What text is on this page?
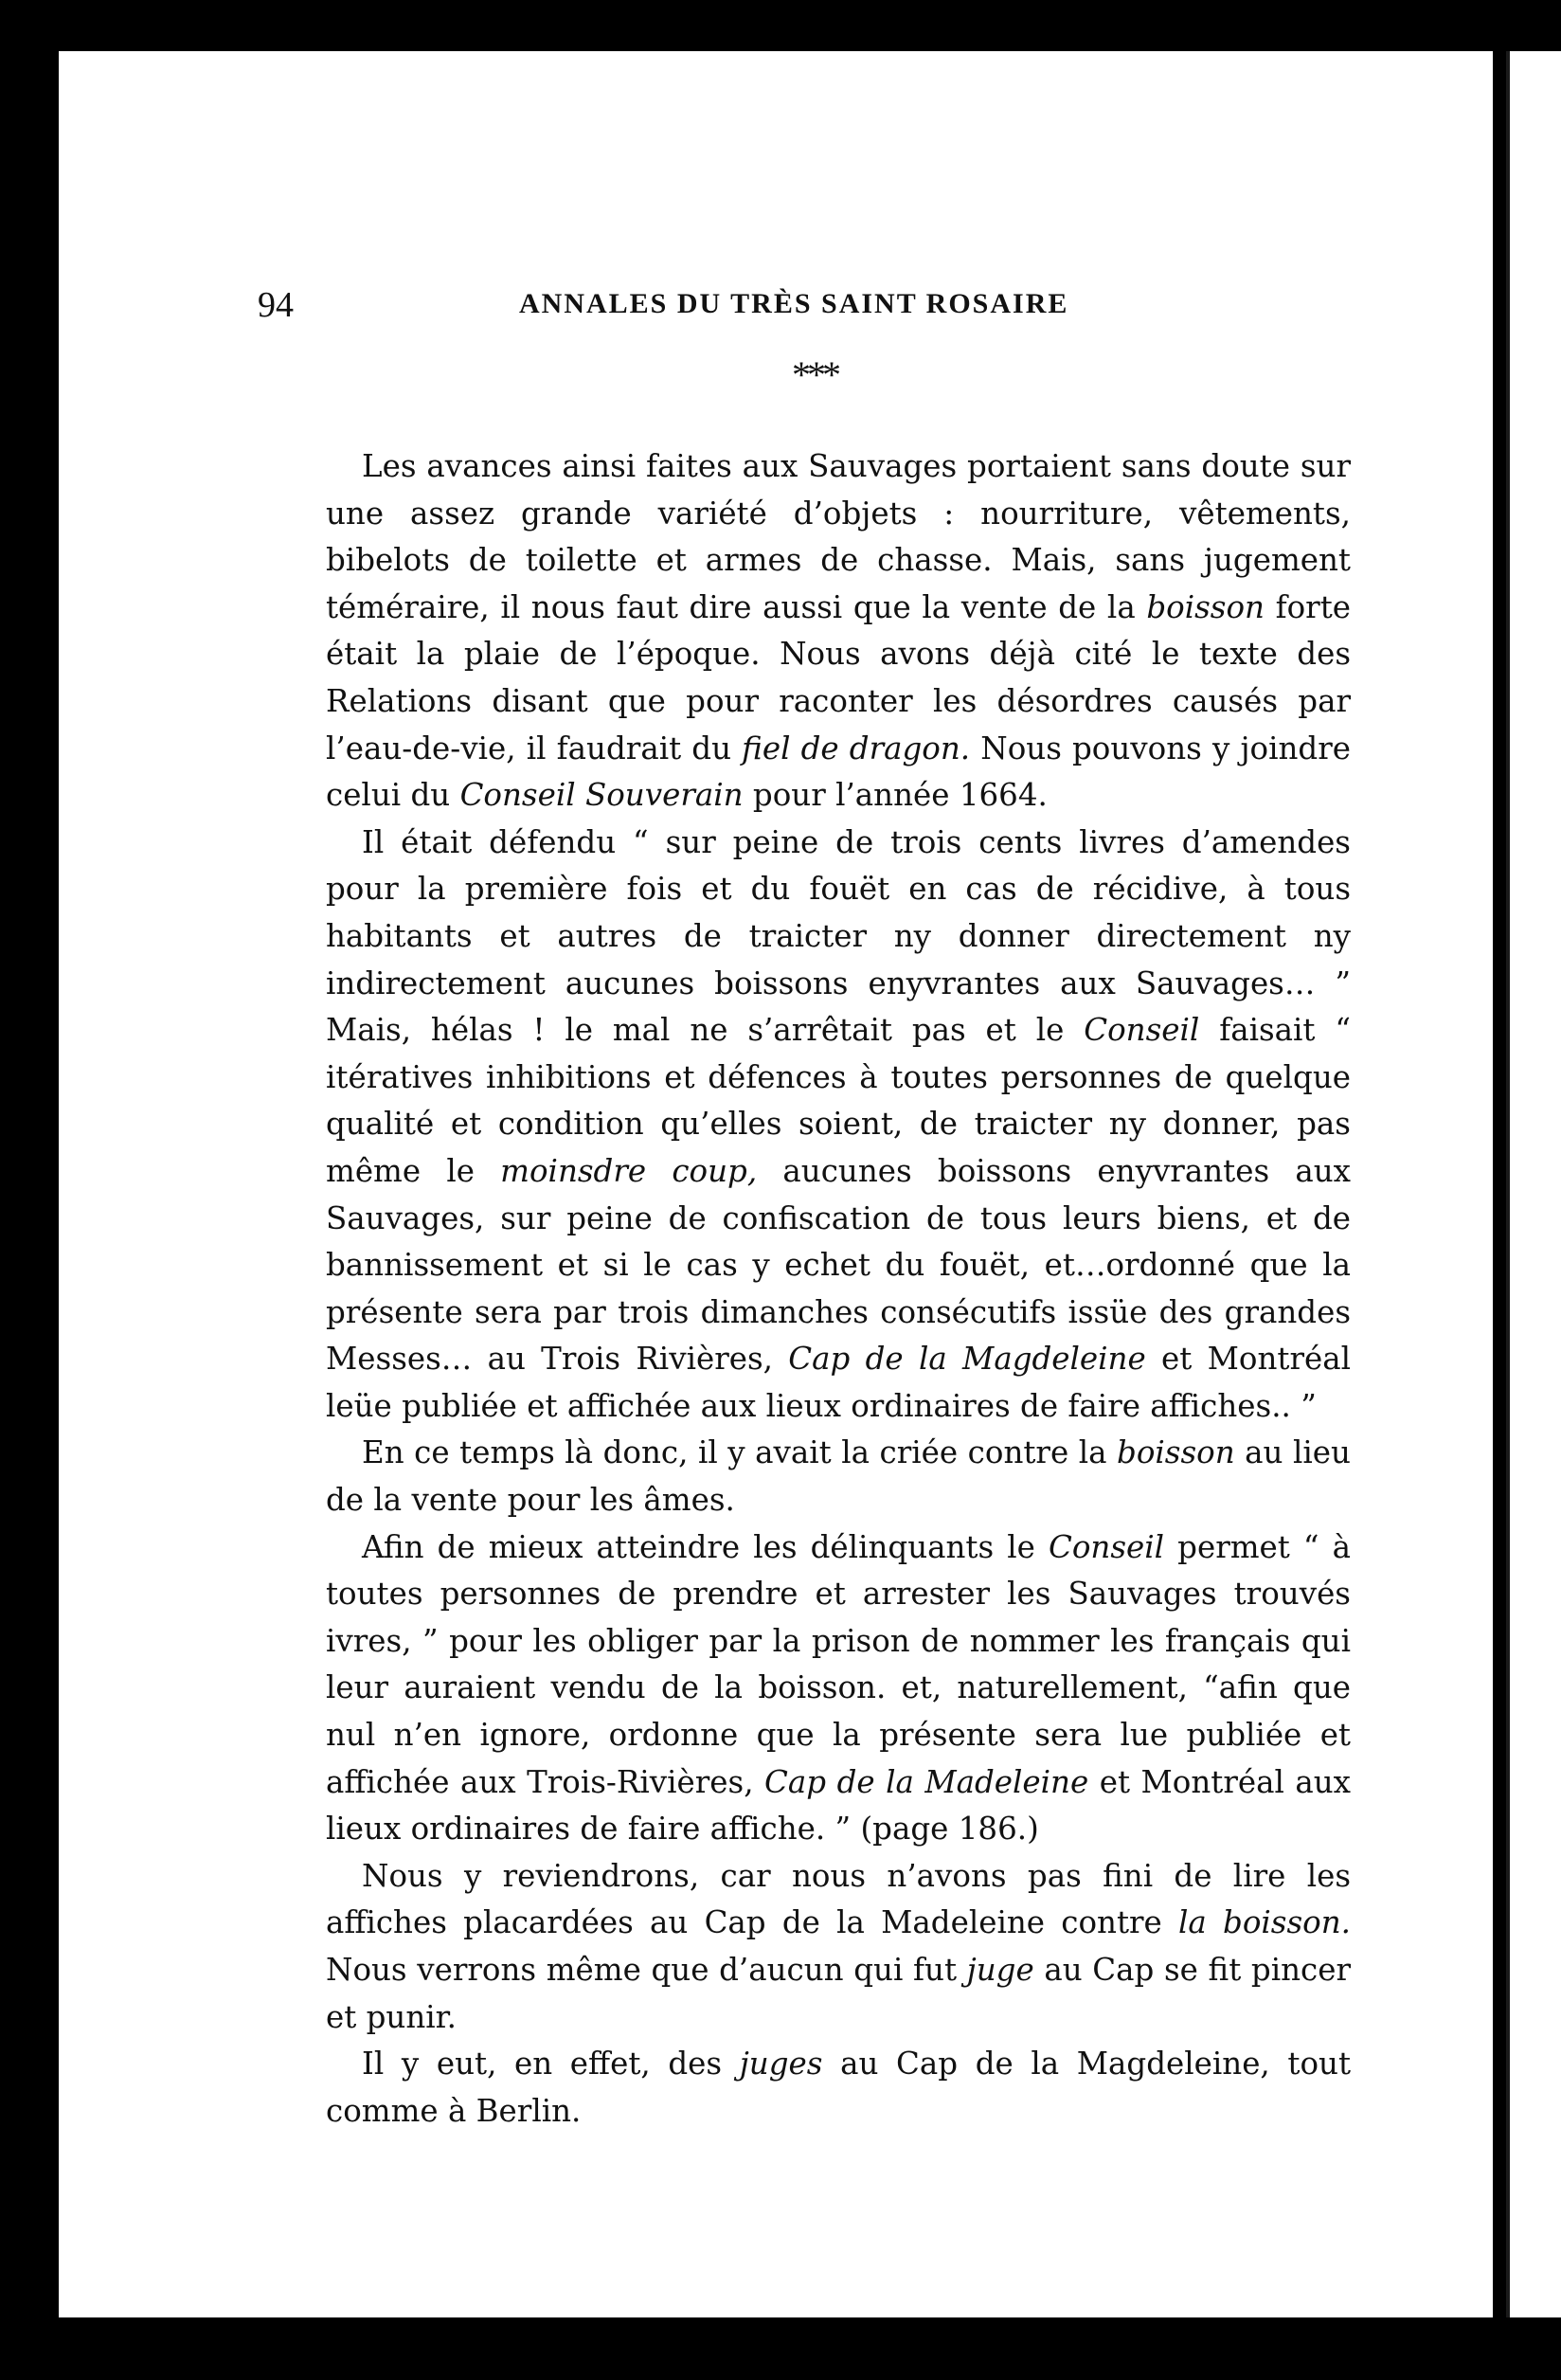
94	ANNALES DU TRÈS SAINT ROSAIRE
***

Les avances ainsi faites aux Sauvages portaient sans doute sur une assez grande variété d’objets : nourriture, vêtements, bibelots de toilette et armes de chasse. Mais, sans jugement téméraire, il nous faut dire aussi que la vente de la boisson forte était la plaie de l’époque. Nous avons déjà cité le texte des Relations disant que pour raconter les désordres causés par l’eau-de-vie, il faudrait du fiel de dragon. Nous pouvons y joindre celui du Conseil Souverain pour l’année 1664.

Il était défendu “ sur peine de trois cents livres d’amendes pour la première fois et du fouët en cas de récidive, à tous habitants et autres de traicter ny donner directement ny indirectement aucunes boissons enyvrantes aux Sauvages… ” Mais, hélas ! le mal ne s’arrêtait pas et le Conseil faisait “ itératives inhibitions et défences à toutes personnes de quelque qualité et condition qu’elles soient, de traicter ny donner, pas même le moinsdre coup, aucunes boissons enyvrantes aux Sauvages, sur peine de confiscation de tous leurs biens, et de bannissement et si le cas y echet du fouët, et…ordonné que la présente sera par trois dimanches consécutifs issüe des grandes Messes… au Trois Rivières, Cap de la Magdeleine et Montréal leüe publiée et affichée aux lieux ordinaires de faire affiches.. ”

En ce temps là donc, il y avait la criée contre la boisson au lieu de la vente pour les âmes.

Afin de mieux atteindre les délinquants le Conseil permet “ à toutes personnes de prendre et arrester les Sauvages trouvés ivres, ” pour les obliger par la prison de nommer les français qui leur auraient vendu de la boisson. et, naturellement, “afin que nul n’en ignore, ordonne que la présente sera lue publiée et affichée aux Trois-Rivières, Cap de la Madeleine et Montréal aux lieux ordinaires de faire affiche. ” (page 186.)

Nous y reviendrons, car nous n’avons pas fini de lire les affiches placardées au Cap de la Madeleine contre la boisson. Nous verrons même que d’aucun qui fut juge au Cap se fit pincer et punir.

Il y eut, en effet, des juges au Cap de la Magdeleine, tout comme à Berlin.
